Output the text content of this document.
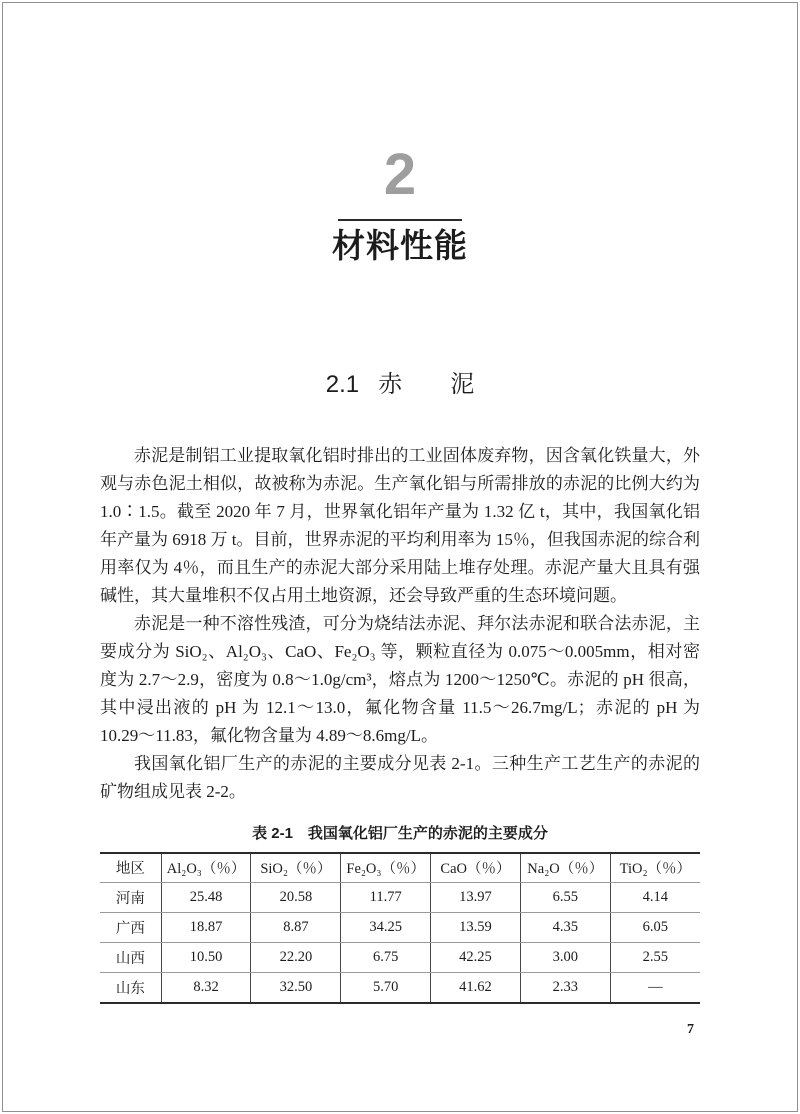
2
材料性能
2.1 赤　　泥

赤泥是制铝工业提取氧化铝时排出的工业固体废弃物，因含氧化铁量大，外观与赤色泥土相似，故被称为赤泥。生产氧化铝与所需排放的赤泥的比例大约为 1.0∶1.5。截至 2020 年 7 月，世界氧化铝年产量为 1.32 亿 t，其中，我国氧化铝年产量为 6918 万 t。目前，世界赤泥的平均利用率为 15％，但我国赤泥的综合利用率仅为 4％，而且生产的赤泥大部分采用陆上堆存处理。赤泥产量大且具有强碱性，其大量堆积不仅占用土地资源，还会导致严重的生态环境问题。

赤泥是一种不溶性残渣，可分为烧结法赤泥、拜尔法赤泥和联合法赤泥，主要成分为 SiO₂、Al₂O₃、CaO、Fe₂O₃ 等，颗粒直径为 0.075～0.005mm，相对密度为 2.7～2.9，密度为 0.8～1.0g/cm³，熔点为 1200～1250℃。赤泥的 pH 很高，其中浸出液的 pH 为 12.1～13.0，氟化物含量 11.5～26.7mg/L；赤泥的 pH 为 10.29～11.83，氟化物含量为 4.89～8.6mg/L。

我国氧化铝厂生产的赤泥的主要成分见表 2-1。三种生产工艺生产的赤泥的矿物组成见表 2-2。

表 2-1　我国氧化铝厂生产的赤泥的主要成分
地区	Al₂O₃（％）	SiO₂（％）	Fe₂O₃（％）	CaO（％）	Na₂O（％）	TiO₂（％）
河南	25.48	20.58	11.77	13.97	6.55	4.14
广西	18.87	8.87	34.25	13.59	4.35	6.05
山西	10.50	22.20	6.75	42.25	3.00	2.55
山东	8.32	32.50	5.70	41.62	2.33	—
7
